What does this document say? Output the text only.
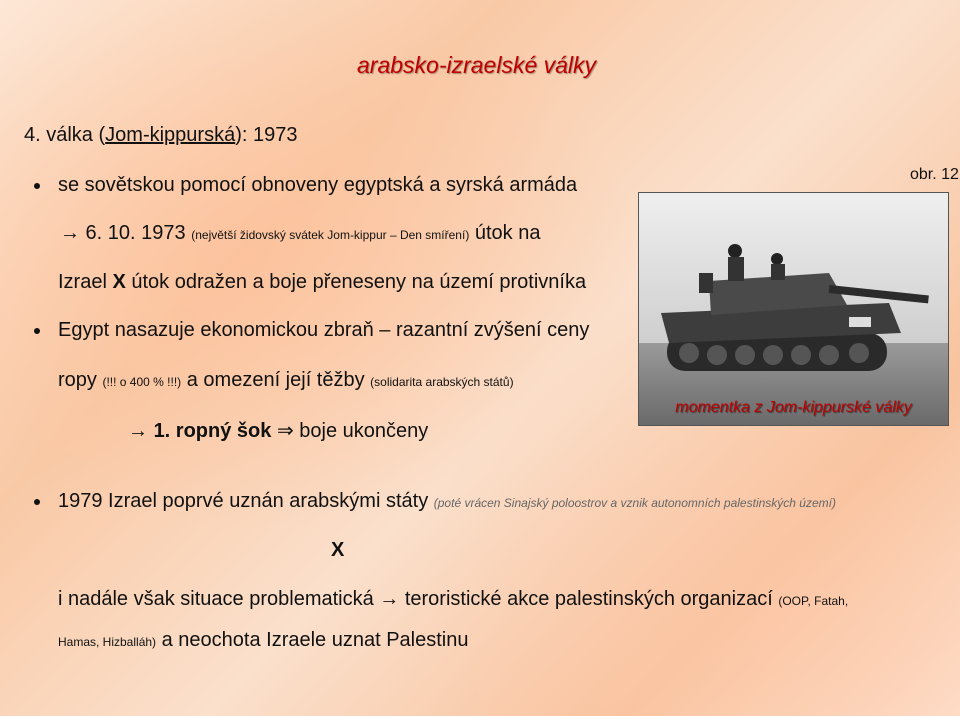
arabsko-izraelské války
4. válka (Jom-kippurská): 1973
se sovětskou pomocí obnoveny egyptská a syrská armáda	obr. 12
→ 6. 10. 1973 (největší židovský svátek Jom-kippur – Den smíření) útok na
Izrael X útok odražen a boje přeneseny na území protivníka
Egypt nasazuje ekonomickou zbraň – razantní zvýšení ceny
ropy (!!! o 400 % !!!) a omezení její těžby (solidarita arabských států)
→ 1. ropný šok ⇒ boje ukončeny
momentka z Jom-kippurské války
1979 Izrael poprvé uznán arabskými státy (poté vrácen Sinajský poloostrov a vznik autonomních palestinských území)
X
i nadále však situace problematická → teroristické akce palestinských organizací (OOP, Fatah,
Hamas, Hizballáh) a neochota Izraele uznat Palestinu
